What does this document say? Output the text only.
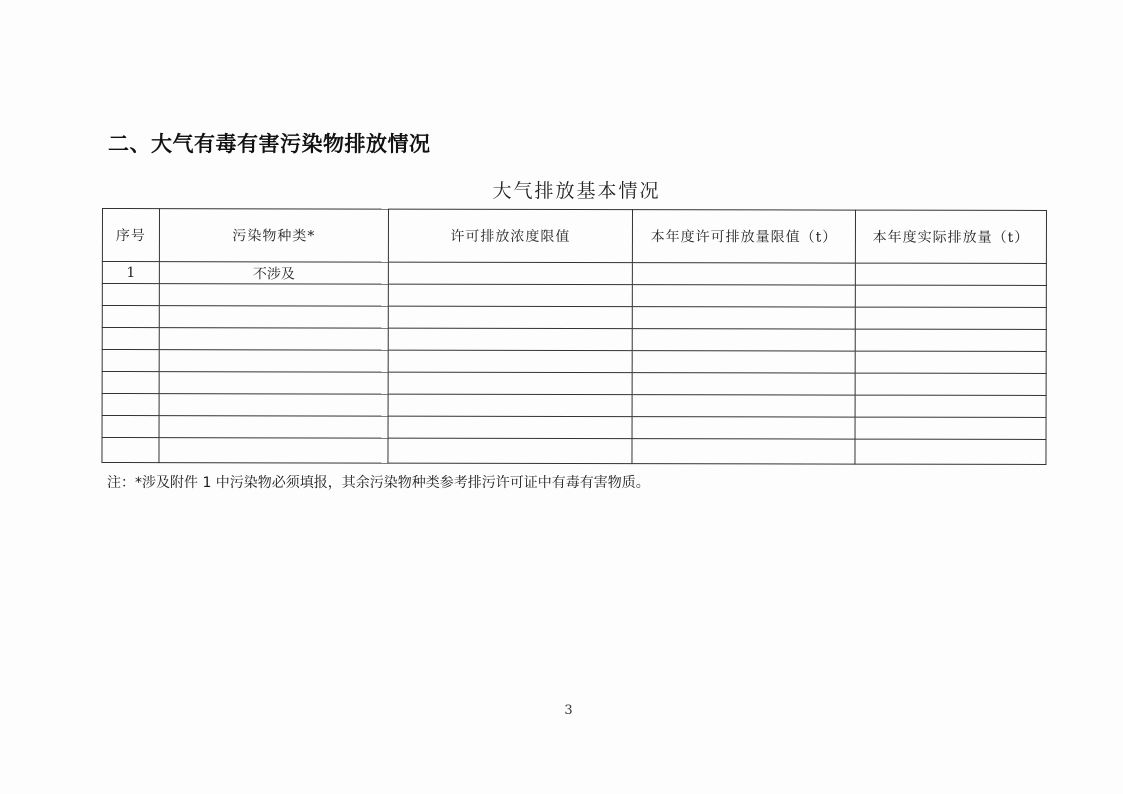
二、大气有毒有害污染物排放情况
大气排放基本情况
序号	污染物种类*	许可排放浓度限值	本年度许可排放量限值（t）	本年度实际排放量（t）
1	不涉及			

注：*涉及附件 1 中污染物必须填报，其余污染物种类参考排污许可证中有毒有害物质。
3
